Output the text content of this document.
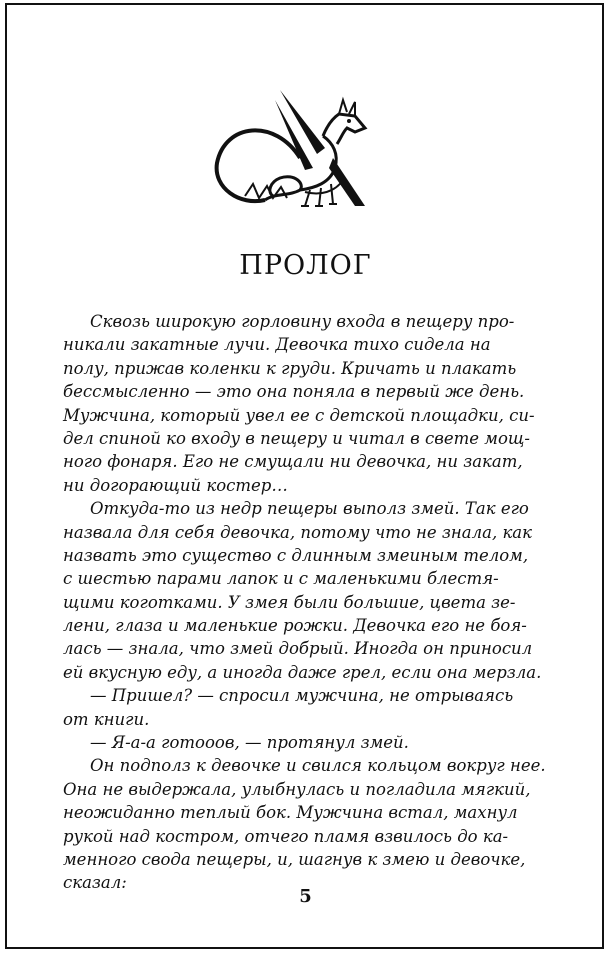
ПРОЛОГ
Сквозь широкую горловину входа в пещеру про-
никали закатные лучи. Девочка тихо сидела на
полу, прижав коленки к груди. Кричать и плакать
бессмысленно — это она поняла в первый же день.
Мужчина, который увел ее с детской площадки, си-
дел спиной ко входу в пещеру и читал в свете мощ-
ного фонаря. Его не смущали ни девочка, ни закат,
ни догорающий костер…
Откуда-то из недр пещеры выполз змей. Так его
назвала для себя девочка, потому что не знала, как
назвать это существо с длинным змеиным телом,
с шестью парами лапок и с маленькими блестя-
щими коготками. У змея были большие, цвета зе-
лени, глаза и маленькие рожки. Девочка его не боя-
лась — знала, что змей добрый. Иногда он приносил
ей вкусную еду, а иногда даже грел, если она мерзла.
— Пришел? — спросил мужчина, не отрываясь
от книги.
— Я-а-а готооов, — протянул змей.
Он подполз к девочке и свился кольцом вокруг нее.
Она не выдержала, улыбнулась и погладила мягкий,
неожиданно теплый бок. Мужчина встал, махнул
рукой над костром, отчего пламя взвилось до ка-
менного свода пещеры, и, шагнув к змею и девочке,
сказал:
5
